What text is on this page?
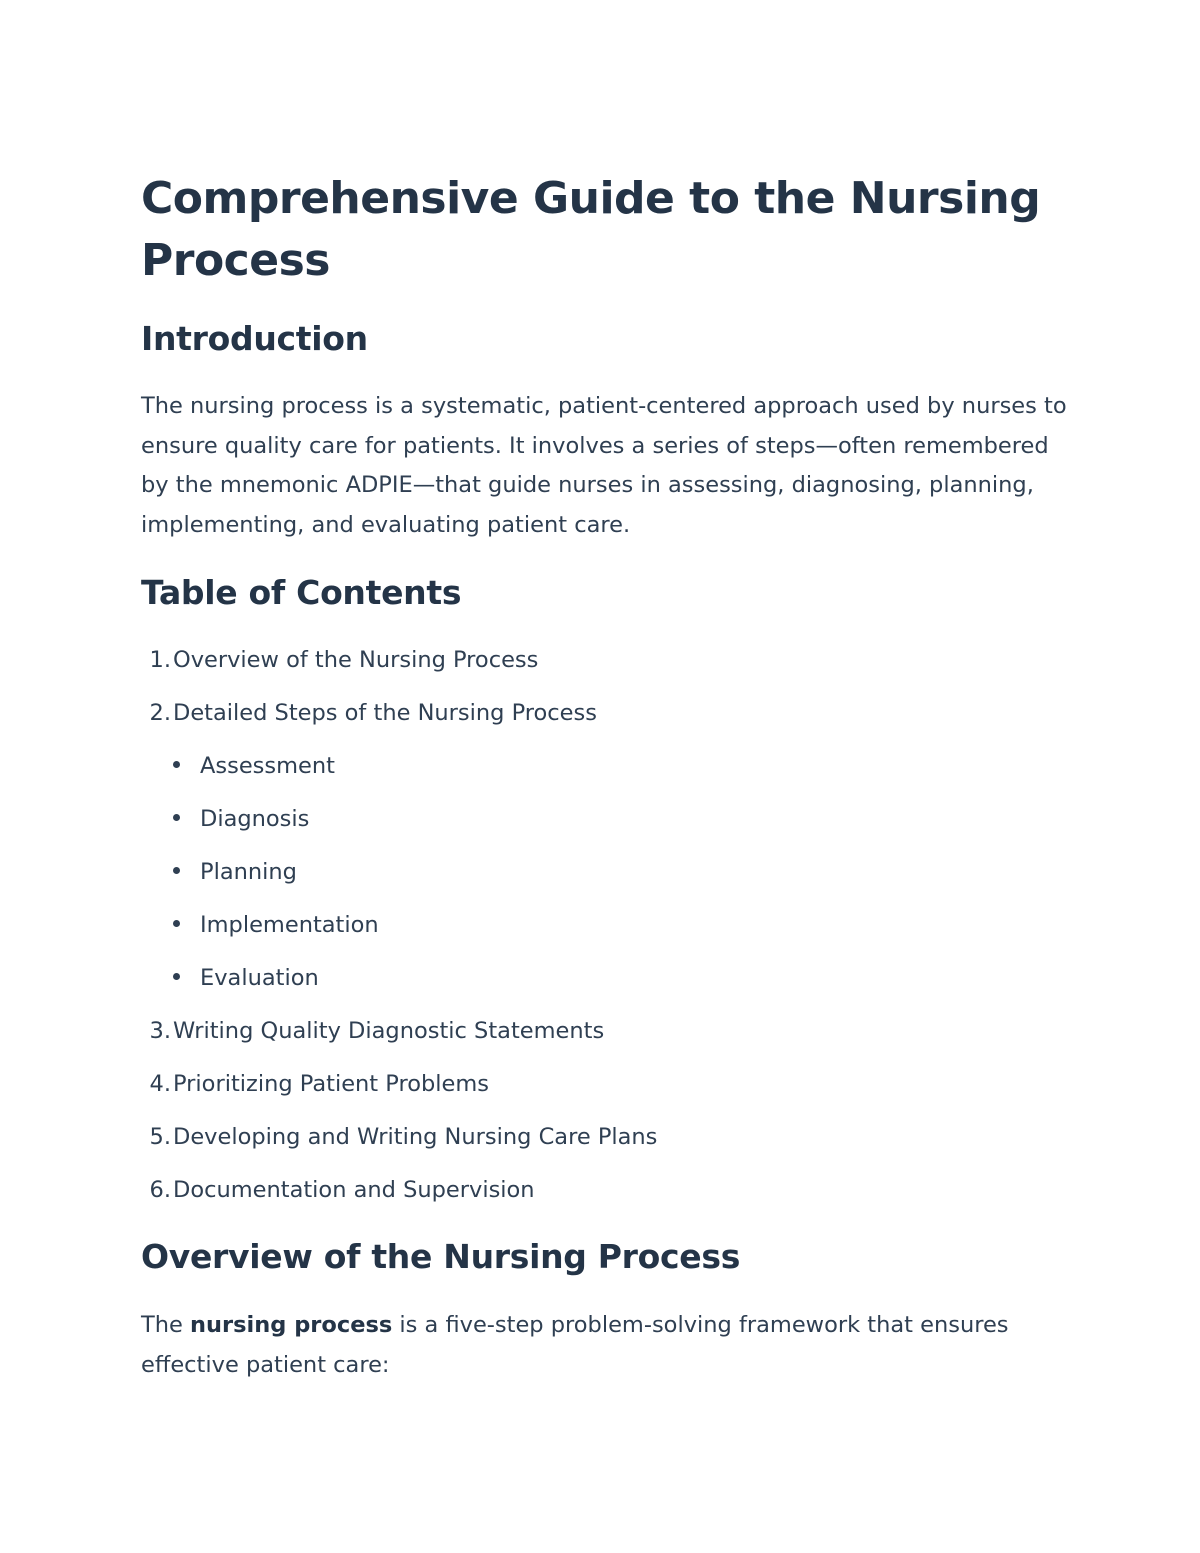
Comprehensive Guide to the Nursing Process
Introduction

The nursing process is a systematic, patient-centered approach used by nurses to ensure quality care for patients. It involves a series of steps—often remembered by the mnemonic ADPIE—that guide nurses in assessing, diagnosing, planning, implementing, and evaluating patient care.

Table of Contents
1.Overview of the Nursing Process
2.Detailed Steps of the Nursing Process
Assessment
Diagnosis
Planning
Implementation
Evaluation
3.Writing Quality Diagnostic Statements
4.Prioritizing Patient Problems
5.Developing and Writing Nursing Care Plans
6.Documentation and Supervision
Overview of the Nursing Process

The nursing process is a five-step problem-solving framework that ensures effective patient care:
